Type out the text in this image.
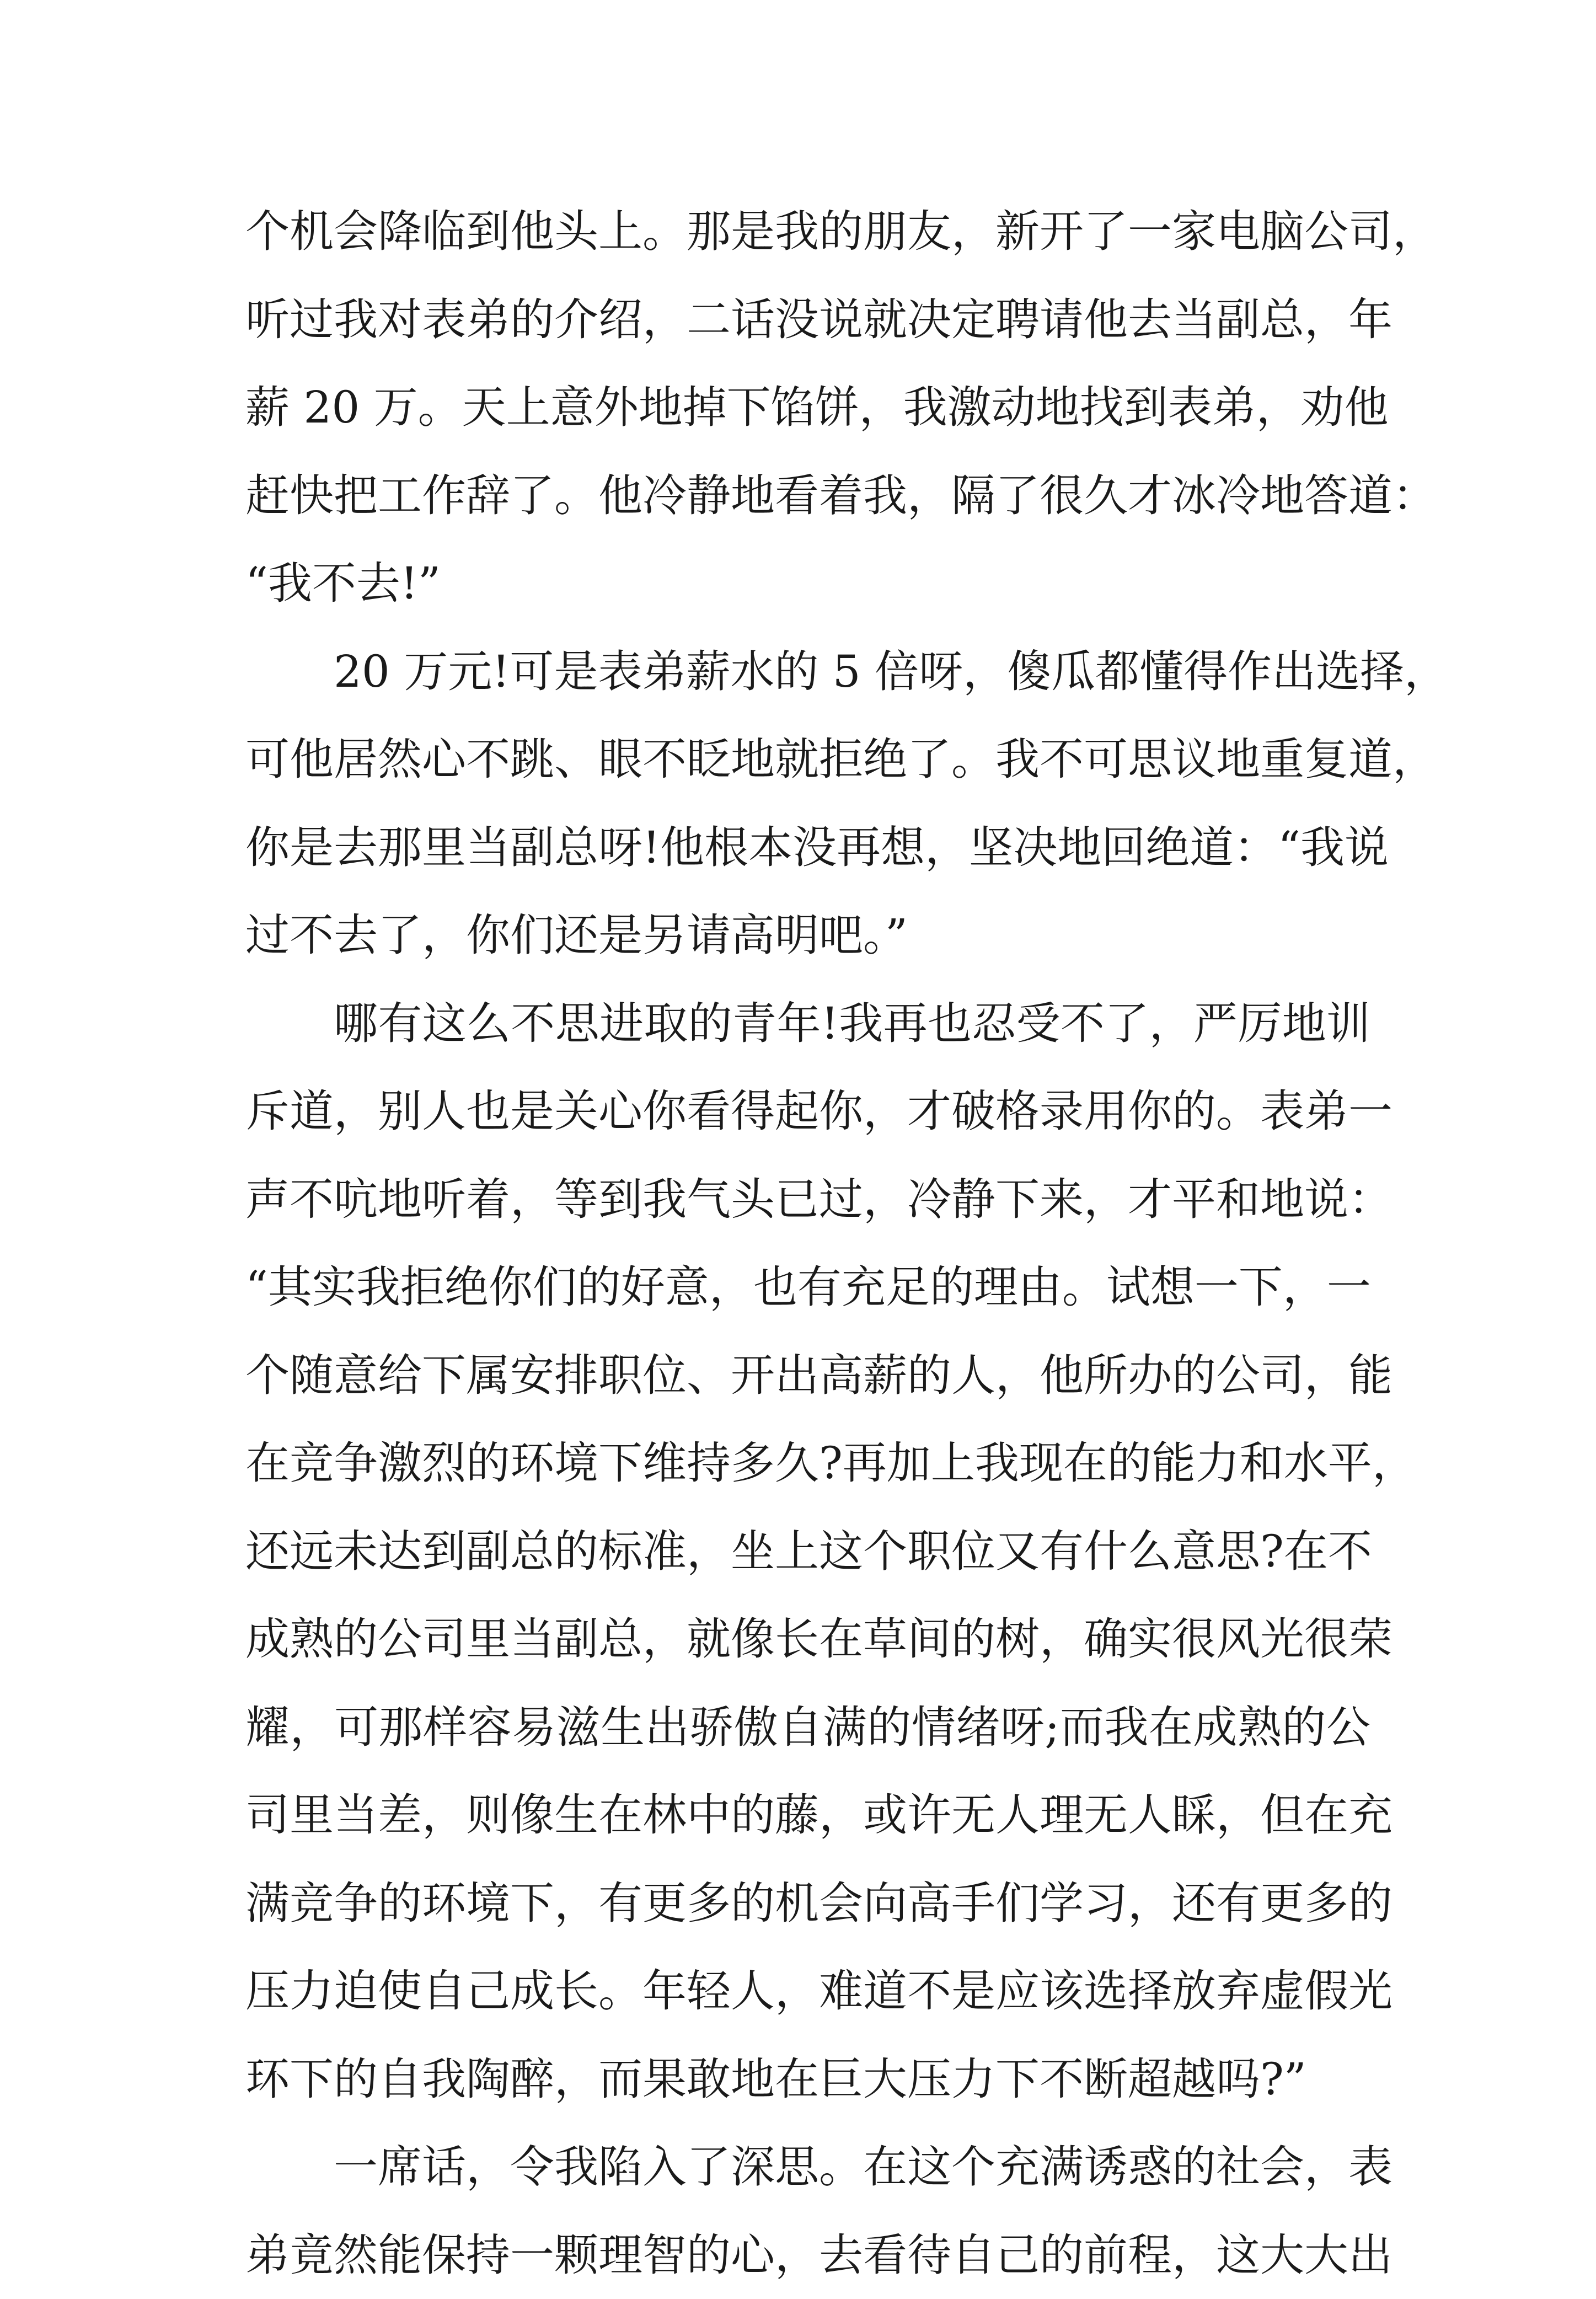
个机会降临到他头上。那是我的朋友，新开了一家电脑公司，
听过我对表弟的介绍，二话没说就决定聘请他去当副总，年
薪 20 万。天上意外地掉下馅饼，我激动地找到表弟，劝他
赶快把工作辞了。他冷静地看着我，隔了很久才冰冷地答道：
“我不去!”
20 万元!可是表弟薪水的 5 倍呀，傻瓜都懂得作出选择，
可他居然心不跳、眼不眨地就拒绝了。我不可思议地重复道，
你是去那里当副总呀!他根本没再想，坚决地回绝道：“我说
过不去了，你们还是另请高明吧。”
哪有这么不思进取的青年!我再也忍受不了，严厉地训
斥道，别人也是关心你看得起你，才破格录用你的。表弟一
声不吭地听着，等到我气头已过，冷静下来，才平和地说：
“其实我拒绝你们的好意，也有充足的理由。试想一下，一
个随意给下属安排职位、开出高薪的人，他所办的公司，能
在竞争激烈的环境下维持多久?再加上我现在的能力和水平，
还远未达到副总的标准，坐上这个职位又有什么意思?在不
成熟的公司里当副总，就像长在草间的树，确实很风光很荣
耀，可那样容易滋生出骄傲自满的情绪呀;而我在成熟的公
司里当差，则像生在林中的藤，或许无人理无人睬，但在充
满竞争的环境下，有更多的机会向高手们学习，还有更多的
压力迫使自己成长。年轻人，难道不是应该选择放弃虚假光
环下的自我陶醉，而果敢地在巨大压力下不断超越吗?”
一席话，令我陷入了深思。在这个充满诱惑的社会，表
弟竟然能保持一颗理智的心，去看待自己的前程，这大大出
